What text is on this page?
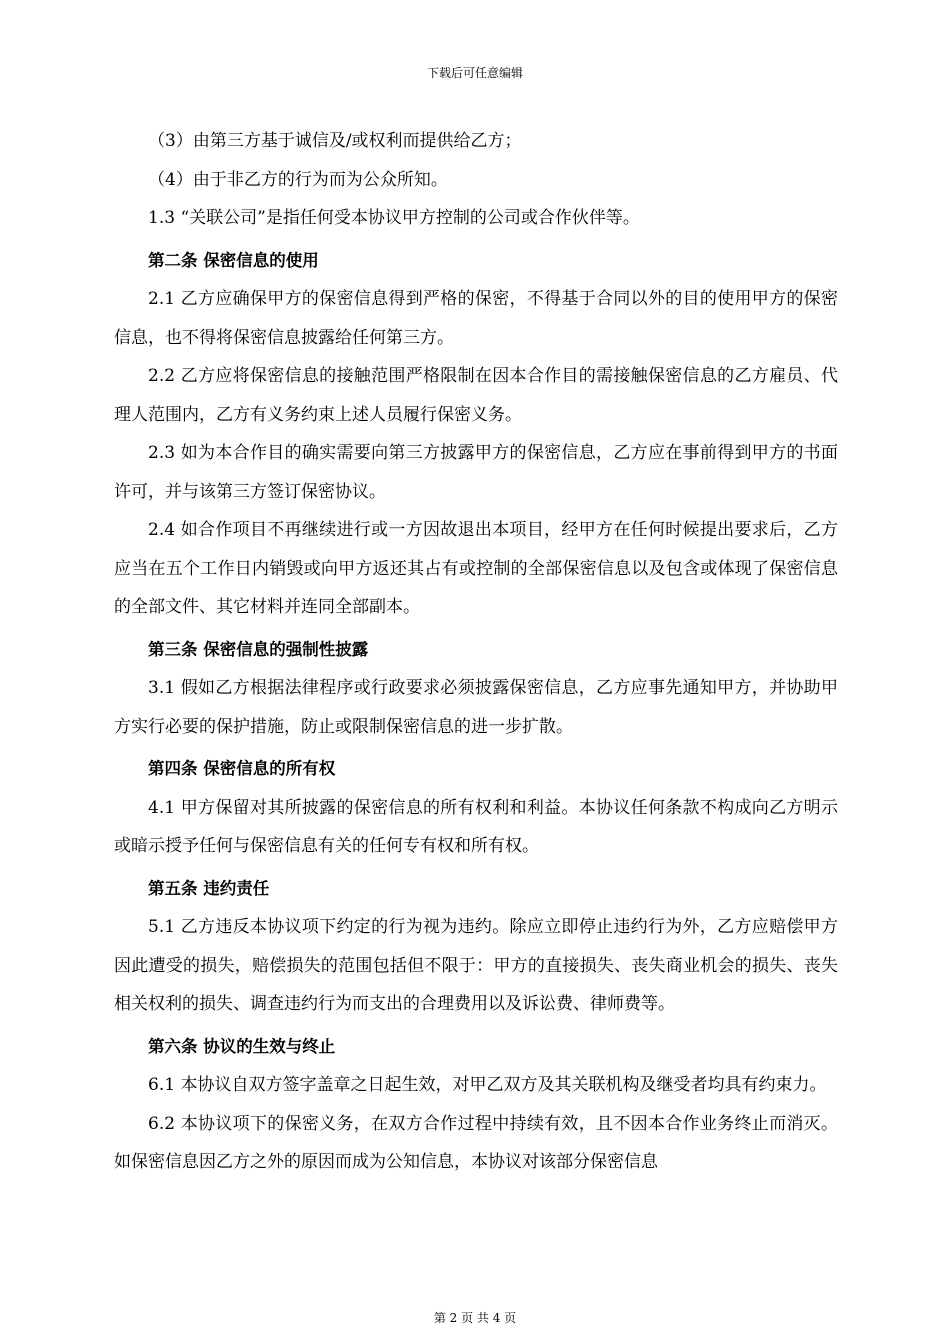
下载后可任意编辑

（3）由第三方基于诚信及/或权利而提供给乙方；

（4）由于非乙方的行为而为公众所知。

1.3 “关联公司”是指任何受本协议甲方控制的公司或合作伙伴等。

第二条 保密信息的使用

2.1 乙方应确保甲方的保密信息得到严格的保密，不得基于合同以外的目的使用甲方的保密信息，也不得将保密信息披露给任何第三方。

2.2 乙方应将保密信息的接触范围严格限制在因本合作目的需接触保密信息的乙方雇员、代理人范围内，乙方有义务约束上述人员履行保密义务。

2.3 如为本合作目的确实需要向第三方披露甲方的保密信息，乙方应在事前得到甲方的书面许可，并与该第三方签订保密协议。

2.4 如合作项目不再继续进行或一方因故退出本项目，经甲方在任何时候提出要求后，乙方应当在五个工作日内销毁或向甲方返还其占有或控制的全部保密信息以及包含或体现了保密信息的全部文件、其它材料并连同全部副本。

第三条 保密信息的强制性披露

3.1 假如乙方根据法律程序或行政要求必须披露保密信息，乙方应事先通知甲方，并协助甲方实行必要的保护措施，防止或限制保密信息的进一步扩散。

第四条 保密信息的所有权

4.1 甲方保留对其所披露的保密信息的所有权利和利益。本协议任何条款不构成向乙方明示或暗示授予任何与保密信息有关的任何专有权和所有权。

第五条 违约责任

5.1 乙方违反本协议项下约定的行为视为违约。除应立即停止违约行为外，乙方应赔偿甲方因此遭受的损失，赔偿损失的范围包括但不限于：甲方的直接损失、丧失商业机会的损失、丧失相关权利的损失、调查违约行为而支出的合理费用以及诉讼费、律师费等。

第六条 协议的生效与终止

6.1 本协议自双方签字盖章之日起生效，对甲乙双方及其关联机构及继受者均具有约束力。

6.2 本协议项下的保密义务，在双方合作过程中持续有效，且不因本合作业务终止而消灭。如保密信息因乙方之外的原因而成为公知信息，本协议对该部分保密信息

第 2 页 共 4 页
